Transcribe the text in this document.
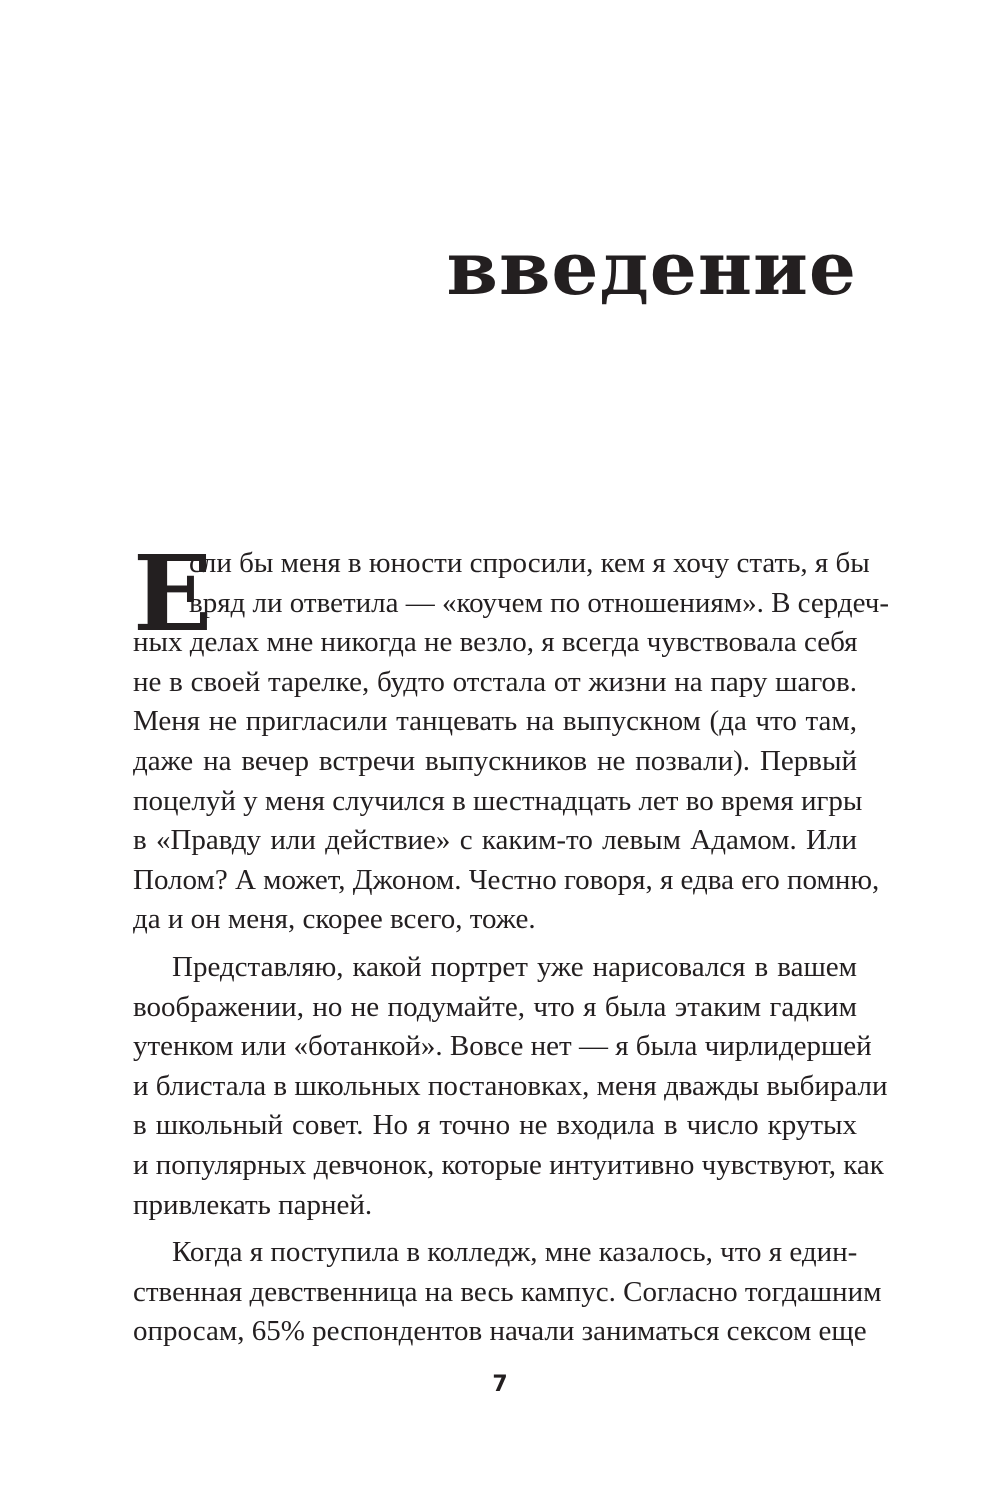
введение
Е
сли бы меня в юности спросили, кем я хочу стать, я бы
вряд ли ответила — «коучем по отношениям». В сердеч-
ных делах мне никогда не везло, я всегда чувствовала себя
не в своей тарелке, будто отстала от жизни на пару шагов.
Меня не пригласили танцевать на выпускном (да что там,
даже на вечер встречи выпускников не позвали). Первый
поцелуй у меня случился в шестнадцать лет во время игры
в «Правду или действие» с каким-то левым Адамом. Или
Полом? А может, Джоном. Честно говоря, я едва его помню,
да и он меня, скорее всего, тоже.
Представляю, какой портрет уже нарисовался в вашем
воображении, но не подумайте, что я была этаким гадким
утенком или «ботанкой». Вовсе нет — я была чирлидершей
и блистала в школьных постановках, меня дважды выбирали
в школьный совет. Но я точно не входила в число крутых
и популярных девчонок, которые интуитивно чувствуют, как
привлекать парней.
Когда я поступила в колледж, мне казалось, что я един-
ственная девственница на весь кампус. Согласно тогдашним
опросам, 65% респондентов начали заниматься сексом еще
7
